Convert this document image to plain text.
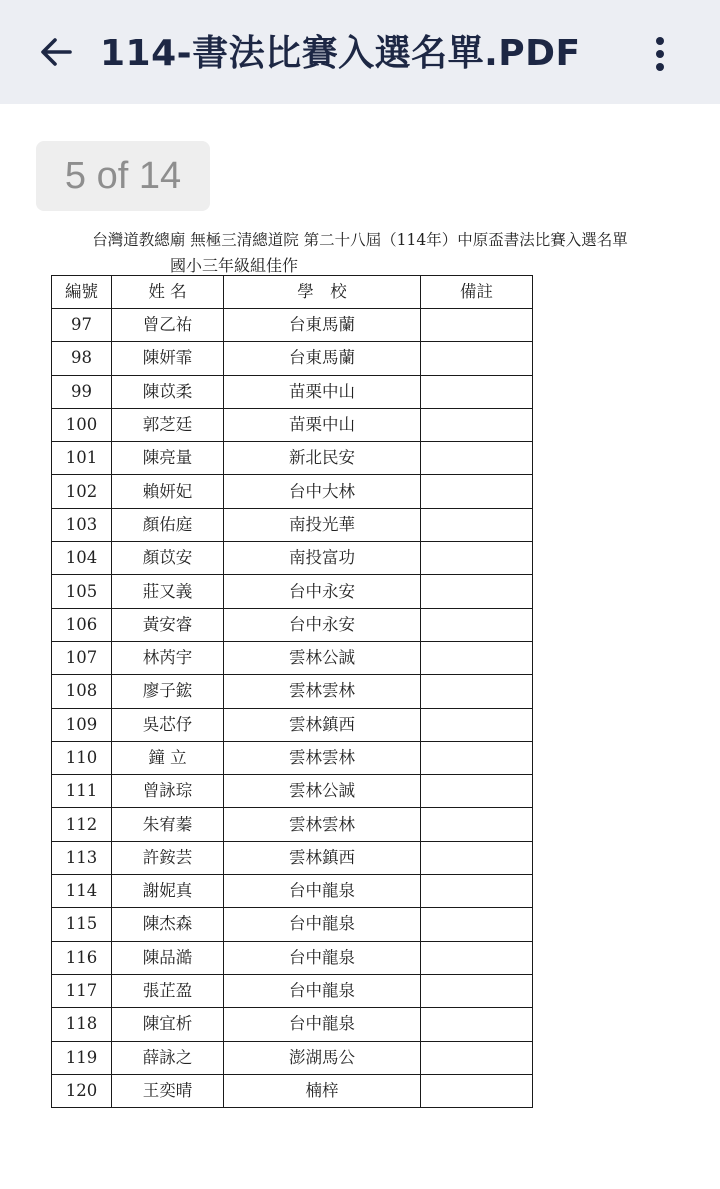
114-書法比賽入選名單.PDF
5 of 14
台灣道教總廟 無極三清總道院 第二十八屆（114年）中原盃書法比賽入選名單
國小三年級組佳作
編號	姓 名	學　校	備註
97	曾乙祐	台東馬蘭	
98	陳妍霏	台東馬蘭	
99	陳苡柔	苗栗中山	
100	郭芝廷	苗栗中山	
101	陳亮量	新北民安	
102	賴妍妃	台中大林	
103	顏佑庭	南投光華	
104	顏苡安	南投富功	
105	莊又義	台中永安	
106	黃安睿	台中永安	
107	林芮宇	雲林公誠	
108	廖子鋐	雲林雲林	
109	吳芯伃	雲林鎮西	
110	鐘 立	雲林雲林	
111	曾詠琮	雲林公誠	
112	朱宥蓁	雲林雲林	
113	許銨芸	雲林鎮西	
114	謝妮真	台中龍泉	
115	陳杰森	台中龍泉	
116	陳品澔	台中龍泉	
117	張芷盈	台中龍泉	
118	陳宜析	台中龍泉	
119	薛詠之	澎湖馬公	
120	王奕晴	楠梓	
